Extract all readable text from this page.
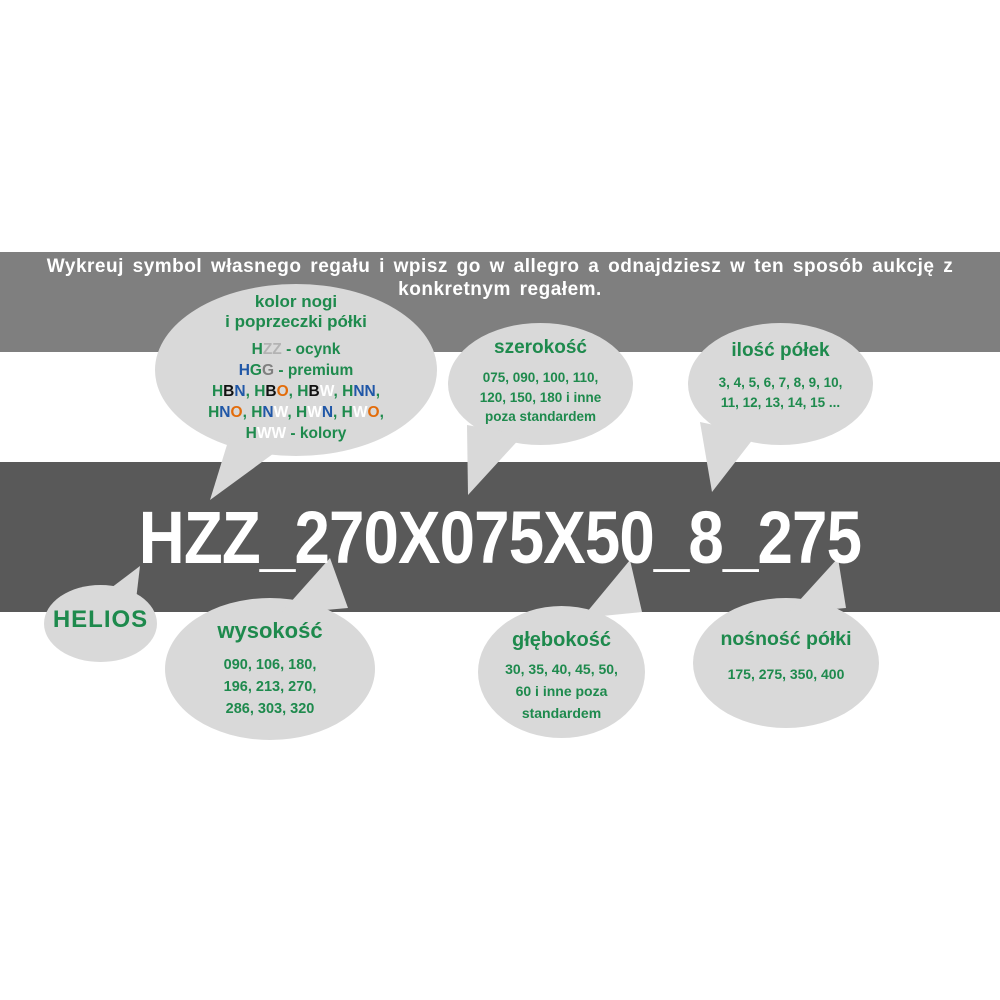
Wykreuj symbol własnego regału i wpisz go w allegro a odnajdziesz w ten sposób aukcję z
konkretnym regałem.
HZZ_270X075X50_8_275
kolor nogi
i poprzeczki półki
HZZ - ocynk
HGG - premium
HBN, HBO, HBW, HNN,
HNO, HNW, HWN, HWO,
HWW - kolory
szerokość
075, 090, 100, 110,
120, 150, 180 i inne
poza standardem
ilość półek
3, 4, 5, 6, 7, 8, 9, 10,
11, 12, 13, 14, 15 ...
HELIOS	wysokość
090, 106, 180,
196, 213, 270,
286, 303, 320
głębokość
30, 35, 40, 45, 50,
60 i inne poza
standardem
nośność półki
175, 275, 350, 400
